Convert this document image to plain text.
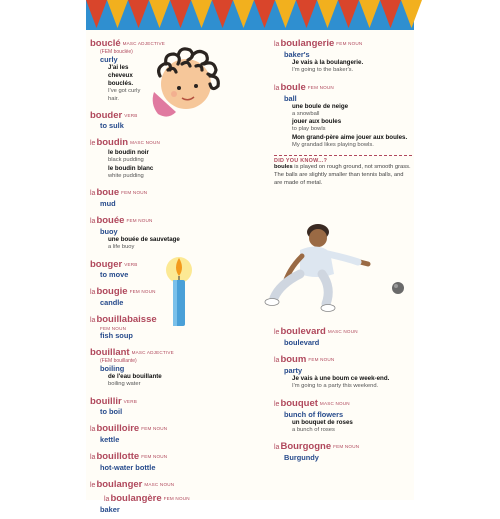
bouclé MASC ADJECTIVE
(FEM bouclée)
curly
J'ai les cheveux bouclés.
I've got curly hair.
bouder VERB
to sulk
leboudin MASC NOUN
le boudin noir
black pudding
le boudin blanc
white pudding
laboue FEM NOUN
mud
labouée FEM NOUN
buoy
une bouée de sauvetage
a life buoy
bouger VERB
to move
labougie FEM NOUN
candle
labouillabaisse
FEM NOUN
fish soup
bouillant MASC ADJECTIVE
(FEM bouillante)
boiling
de l'eau bouillante
boiling water
bouillir VERB
to boil
labouilloire FEM NOUN
kettle
labouillotte FEM NOUN
hot-water bottle
leboulanger MASC NOUN
laboulangère FEM NOUN
baker
laboulangerie FEM NOUN
baker's
Je vais à la boulangerie.
I'm going to the baker's.
laboule FEM NOUN
ball
une boule de neige
a snowball
jouer aux boules
to play bowls
Mon grand-père aime jouer aux boules.
My grandad likes playing bowls.
DID YOU KNOW...?
boules is played on rough ground, not smooth grass. The balls are slightly smaller than tennis balls, and are made of metal.
leboulevard MASC NOUN
boulevard
laboum FEM NOUN
party
Je vais à une boum ce week-end.
I'm going to a party this weekend.
lebouquet MASC NOUN
bunch of flowers
un bouquet de roses
a bunch of roses
laBourgogne FEM NOUN
Burgundy
